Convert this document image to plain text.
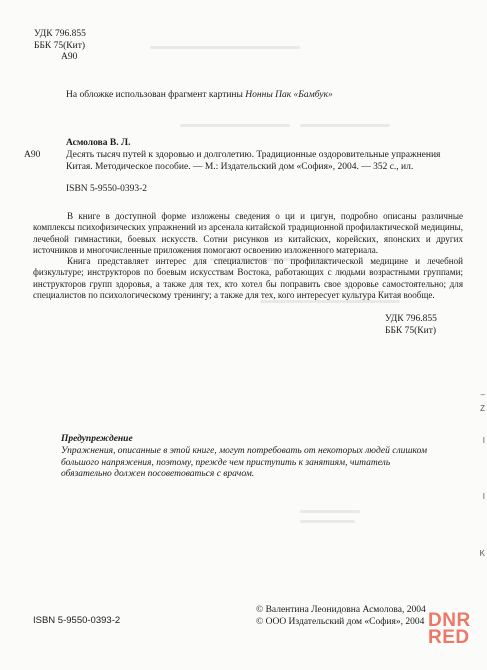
–
Z
I
I
K
УДК 796.855
ББК 75(Кит)
А90
На обложке использован фрагмент картины Нонны Пак «Бамбук»
Асмолова В. Л.
А90	Десять тысяч путей к здоровью и долголетию. Традиционные оздоровительные упражнения Китая. Методическое пособие. — М.: Издательский дом «София», 2004. — 352 с., ил.
ISBN 5-9550-0393-2

В книге в доступной форме изложены сведения о ци и цигун, подробно описаны различные комплексы психофизических упражнений из арсенала китайской традиционной профилактической медицины, лечебной гимнастики, боевых искусств. Сотни рисунков из китайских, корейских, японских и других источников и многочисленные приложения помогают освоению изложенного материала.

Книга представляет интерес для специалистов по профилактической медицине и лечебной физкультуре; инструкторов по боевым искусствам Востока, работающих с людьми возрастными группами; инструкторов групп здоровья, а также для тех, кто хотел бы поправить свое здоровье самостоятельно; для специалистов по психологическому тренингу; а также для тех, кого интересует культура Китая вообще.

УДК 796.855
ББК 75(Кит)
Предупреждение
Упражнения, описанные в этой книге, могут потребовать от некоторых людей слишком большого напряжения, поэтому, прежде чем приступить к занятиям, читатель обязательно должен посоветоваться с врачом.
ISBN 5-9550-0393-2
© Валентина Леонидовна Асмолова, 2004
© ООО Издательский дом «София», 2004 DNR
RED
